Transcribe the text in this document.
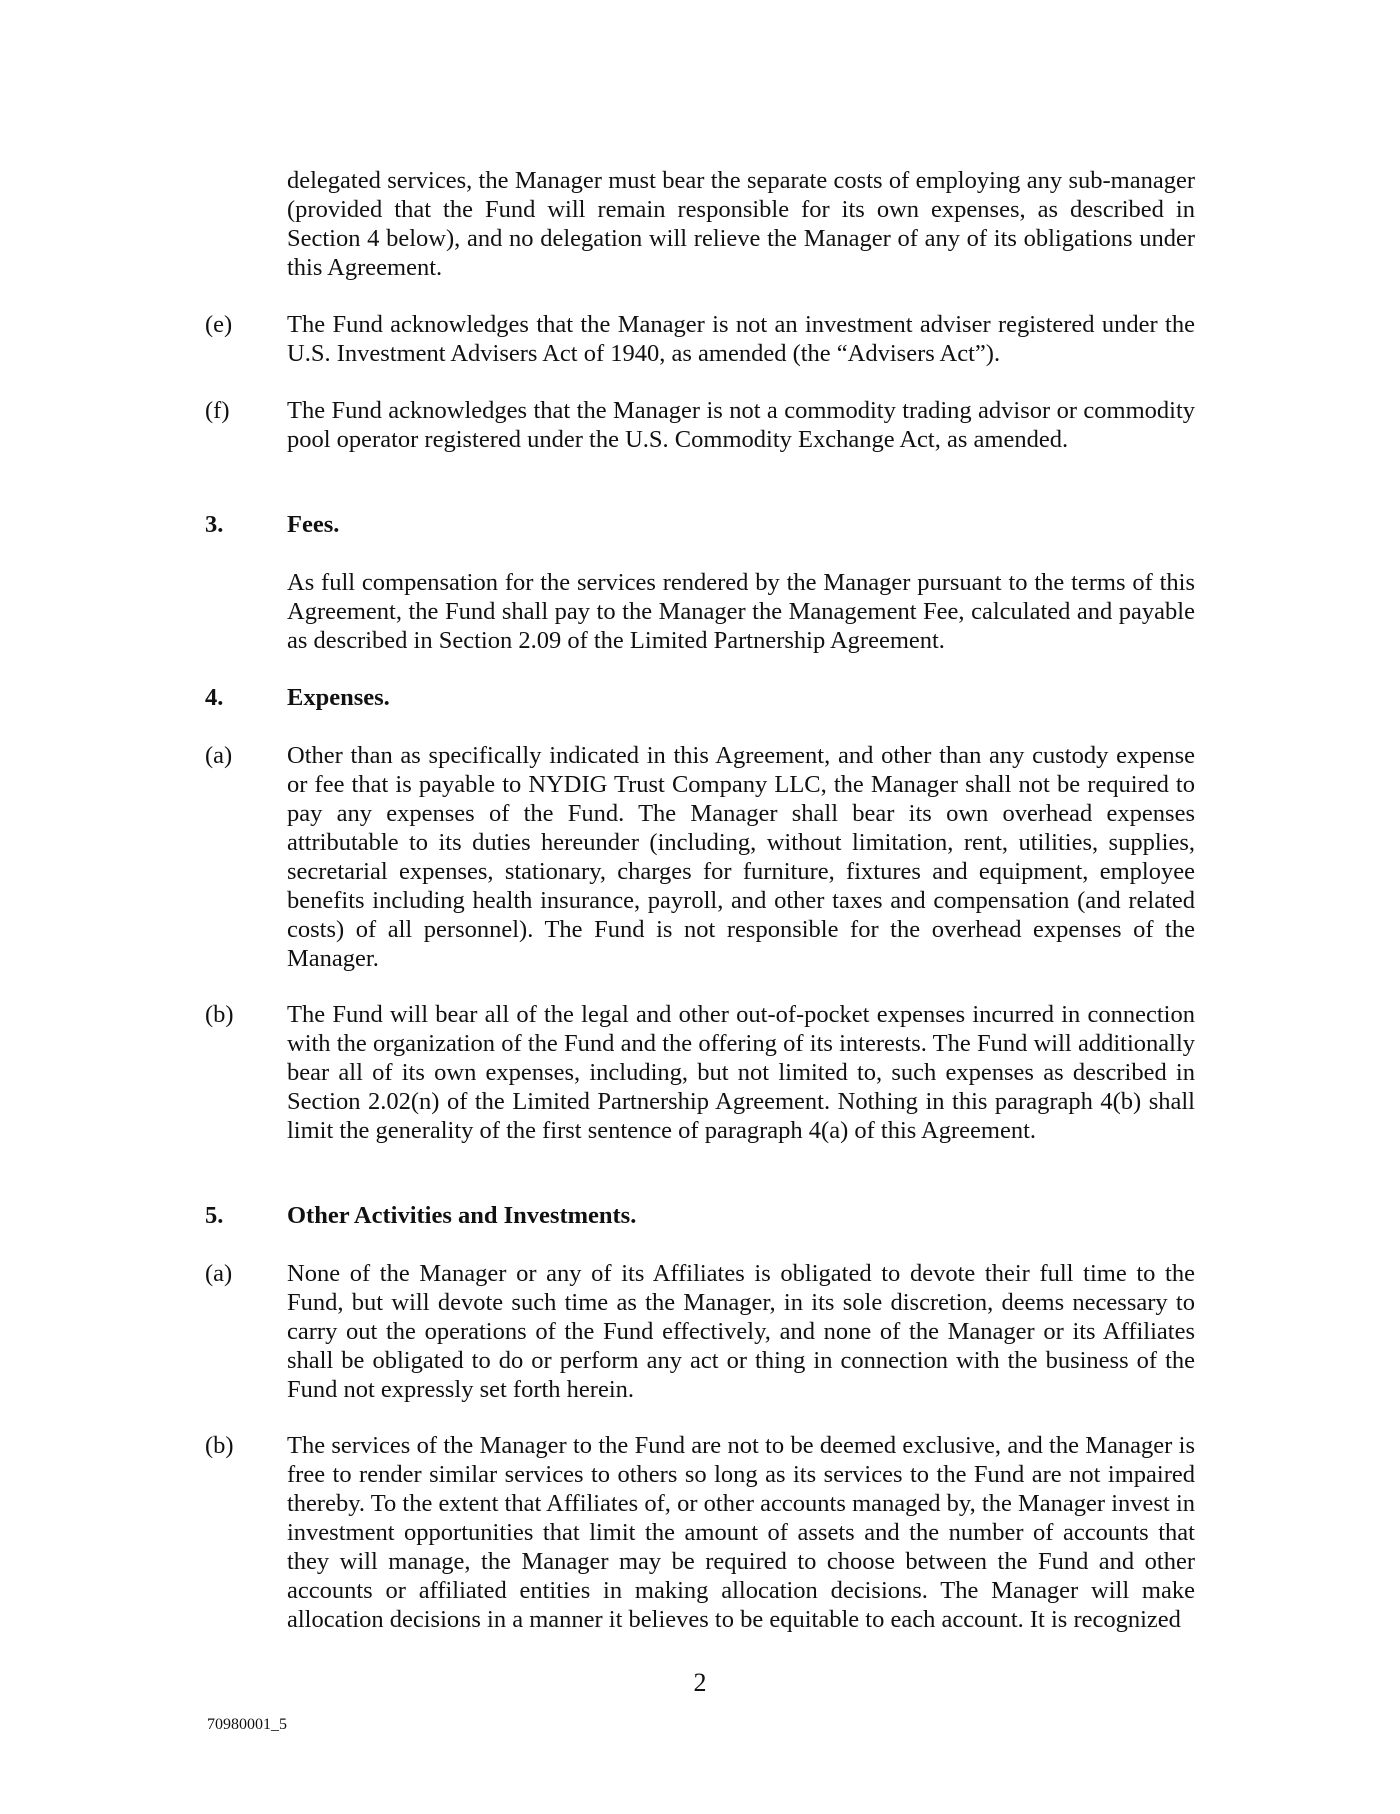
delegated services, the Manager must bear the separate costs of employing any sub-manager (provided that the Fund will remain responsible for its own expenses, as described in Section 4 below), and no delegation will relieve the Manager of any of its obligations under this Agreement.
(e)	The Fund acknowledges that the Manager is not an investment adviser registered under the U.S. Investment Advisers Act of 1940, as amended (the “Advisers Act”).
(f)	The Fund acknowledges that the Manager is not a commodity trading advisor or commodity pool operator registered under the U.S. Commodity Exchange Act, as amended.
3.	Fees.
As full compensation for the services rendered by the Manager pursuant to the terms of this Agreement, the Fund shall pay to the Manager the Management Fee, calculated and payable as described in Section 2.09 of the Limited Partnership Agreement.
4.	Expenses.
(a)	Other than as specifically indicated in this Agreement, and other than any custody expense or fee that is payable to NYDIG Trust Company LLC, the Manager shall not be required to pay any expenses of the Fund. The Manager shall bear its own overhead expenses attributable to its duties hereunder (including, without limitation, rent, utilities, supplies, secretarial expenses, stationary, charges for furniture, fixtures and equipment, employee benefits including health insurance, payroll, and other taxes and compensation (and related costs) of all personnel). The Fund is not responsible for the overhead expenses of the Manager.
(b)	The Fund will bear all of the legal and other out-of-pocket expenses incurred in connection with the organization of the Fund and the offering of its interests. The Fund will additionally bear all of its own expenses, including, but not limited to, such expenses as described in Section 2.02(n) of the Limited Partnership Agreement. Nothing in this paragraph 4(b) shall limit the generality of the first sentence of paragraph 4(a) of this Agreement.
5.	Other Activities and Investments.
(a)	None of the Manager or any of its Affiliates is obligated to devote their full time to the Fund, but will devote such time as the Manager, in its sole discretion, deems necessary to carry out the operations of the Fund effectively, and none of the Manager or its Affiliates shall be obligated to do or perform any act or thing in connection with the business of the Fund not expressly set forth herein.
(b)	The services of the Manager to the Fund are not to be deemed exclusive, and the Manager is free to render similar services to others so long as its services to the Fund are not impaired thereby. To the extent that Affiliates of, or other accounts managed by, the Manager invest in investment opportunities that limit the amount of assets and the number of accounts that they will manage, the Manager may be required to choose between the Fund and other accounts or affiliated entities in making allocation decisions. The Manager will make allocation decisions in a manner it believes to be equitable to each account. It is recognized
2
70980001_5
